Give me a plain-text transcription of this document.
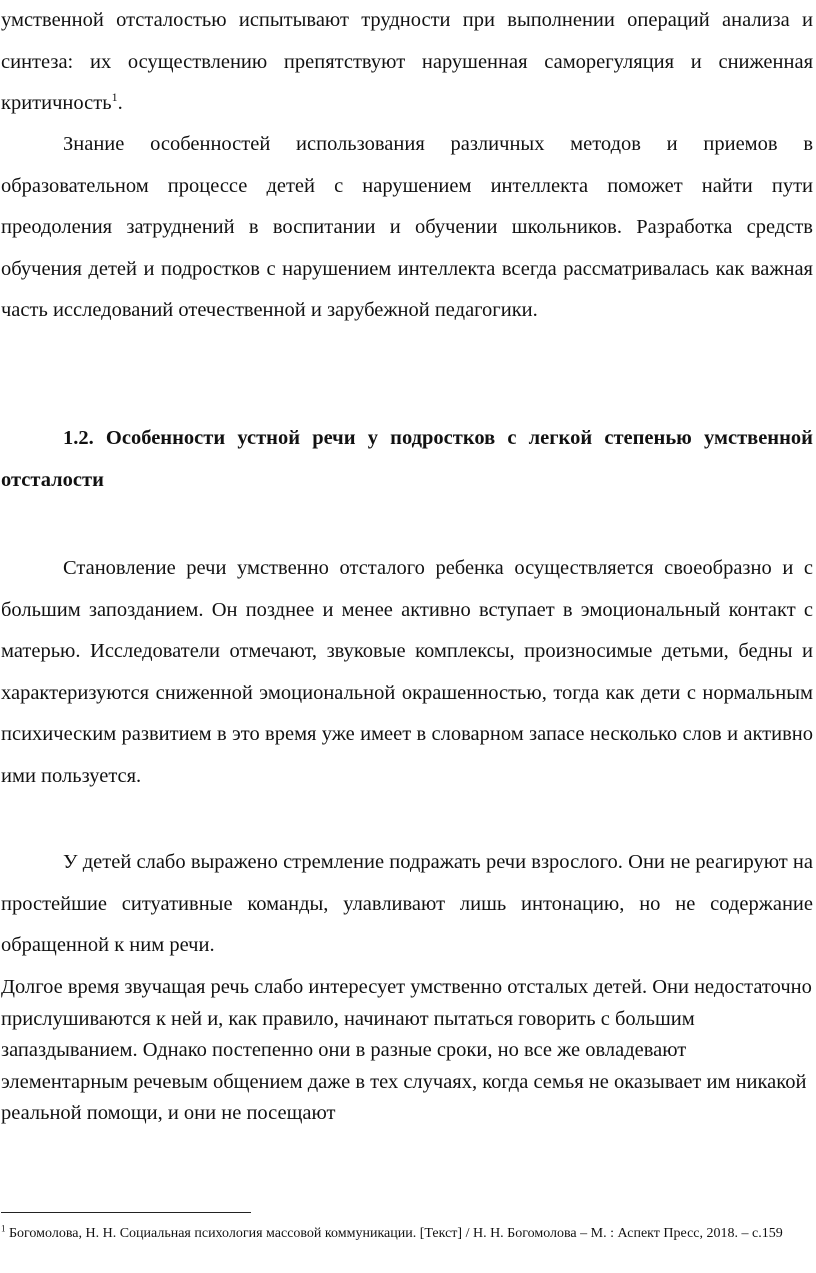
умственной отсталостью испытывают трудности при выполнении операций анализа и синтеза: их осуществлению препятствуют нарушенная саморегуляция и сниженная критичность$^1$.

Знание особенностей использования различных методов и приемов в образовательном процессе детей с нарушением интеллекта поможет найти пути преодоления затруднений в воспитании и обучении школьников. Разработка средств обучения детей и подростков с нарушением интеллекта всегда рассматривалась как важная часть исследований отечественной и зарубежной педагогики.

1.2. Особенности устной речи у подростков с легкой степенью умственной отсталости

Становление речи умственно отсталого ребенка осуществляется своеобразно и с большим запозданием. Он позднее и менее активно вступает в эмоциональный контакт с матерью. Исследователи отмечают, звуковые комплексы, произносимые детьми, бедны и характеризуются сниженной эмоциональной окрашенностью, тогда как дети с нормальным психическим развитием в это время уже имеет в словарном запасе несколько слов и активно ими пользуется.

У детей слабо выражено стремление подражать речи взрослого. Они не реагируют на простейшие ситуативные команды, улавливают лишь интонацию, но не содержание обращенной к ним речи.

Долгое время звучащая речь слабо интересует умственно отсталых детей. Они недостаточно прислушиваются к ней и, как правило, начинают пытаться говорить с большим запаздыванием. Однако постепенно они в разные сроки, но все же овладевают элементарным речевым общением даже в тех случаях, когда семья не оказывает им никакой реальной помощи, и они не посещают

$^1$ Богомолова, Н. Н. Социальная психология массовой коммуникации. [Текст] / Н. Н. Богомолова – М. : Аспект Пресс, 2018. – с.159
